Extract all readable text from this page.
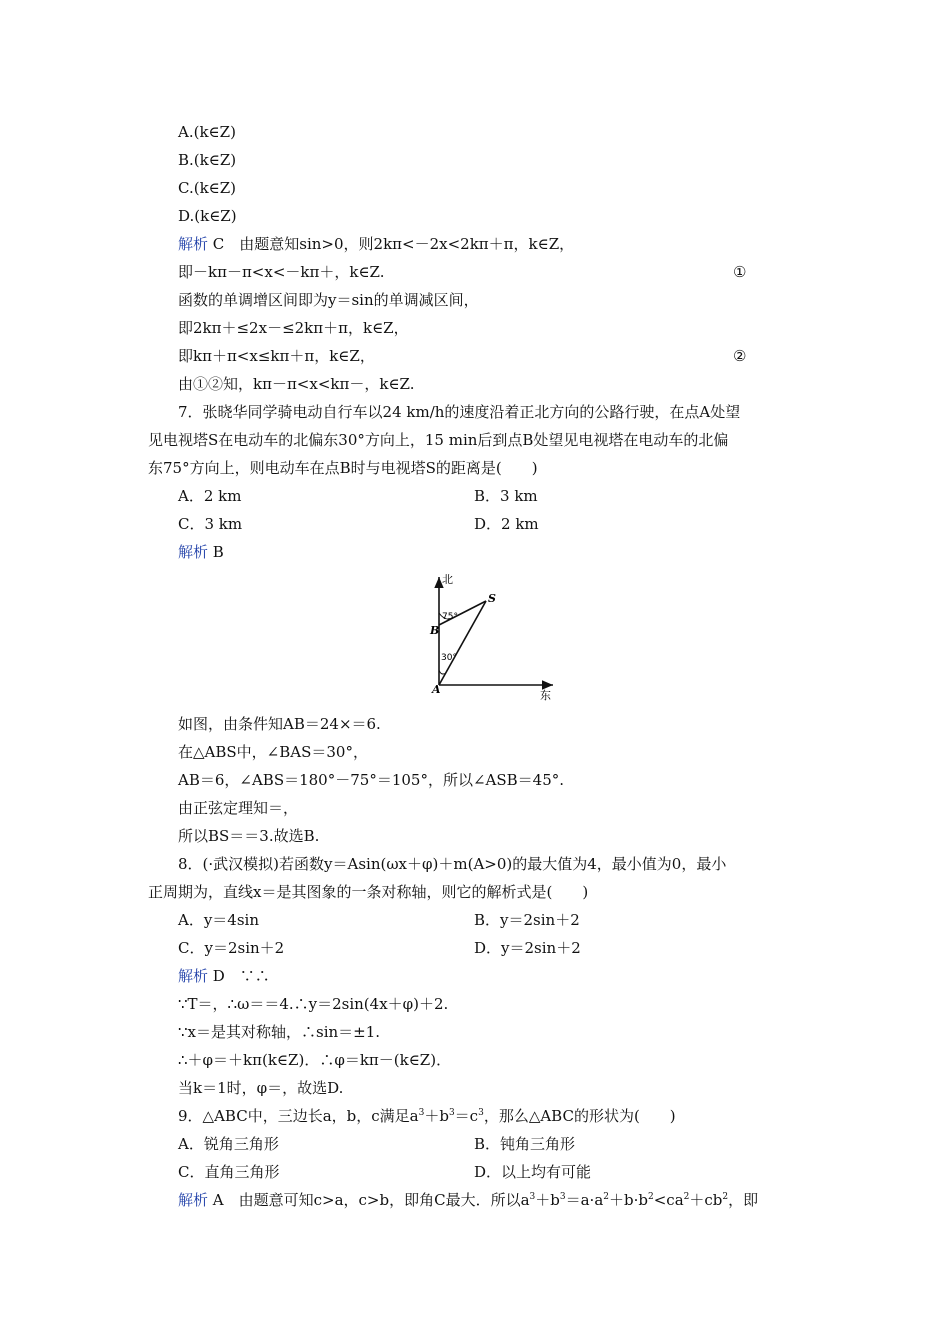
A.(k∈Z)
B.(k∈Z)
C.(k∈Z)
D.(k∈Z)
解析 C　由题意知sin>0，则2kπ<－2x<2kπ＋π，k∈Z，
即－kπ－π<x<－kπ＋，k∈Z.	①
函数的单调增区间即为y＝sin的单调减区间，
即2kπ＋≤2x－≤2kπ＋π，k∈Z，
即kπ＋π<x≤kπ＋π，k∈Z，	②
由①②知，kπ－π<x<kπ－，k∈Z.
7．张晓华同学骑电动自行车以24 km/h的速度沿着正北方向的公路行驶，在点A处望
见电视塔S在电动车的北偏东30°方向上，15 min后到点B处望见电视塔在电动车的北偏
东75°方向上，则电动车在点B时与电视塔S的距离是(　　)
A．2 km	B．3 km
C．3 km	D．2 km
解析 B
北
东
75°
30°
B
A
S
如图，由条件知AB＝24×＝6.
在△ABS中，∠BAS＝30°，
AB＝6，∠ABS＝180°－75°＝105°，所以∠ASB＝45°.
由正弦定理知＝，
所以BS＝＝3.故选B.
8．(·武汉模拟)若函数y＝Asin(ωx＋φ)＋m(A>0)的最大值为4，最小值为0，最小
正周期为，直线x＝是其图象的一条对称轴，则它的解析式是(　　)
A．y＝4sin	B．y＝2sin＋2
C．y＝2sin＋2	D．y＝2sin＋2
解析 D　∵∴
∵T＝，∴ω＝＝4.∴y＝2sin(4x＋φ)＋2.
∵x＝是其对称轴，∴sin＝±1.
∴＋φ＝＋kπ(k∈Z)．∴φ＝kπ－(k∈Z)．
当k＝1时，φ＝，故选D.
9．△ABC中，三边长a，b，c满足$a^3+b^3=c^3$，那么△ABC的形状为(　　)
A．锐角三角形	B．钝角三角形
C．直角三角形	D．以上均有可能
解析 A　由题意可知c>a，c>b，即角C最大．所以$a^3+b^3=a\cdot a^2+b\cdot b^2<ca^2+cb^2$，即
